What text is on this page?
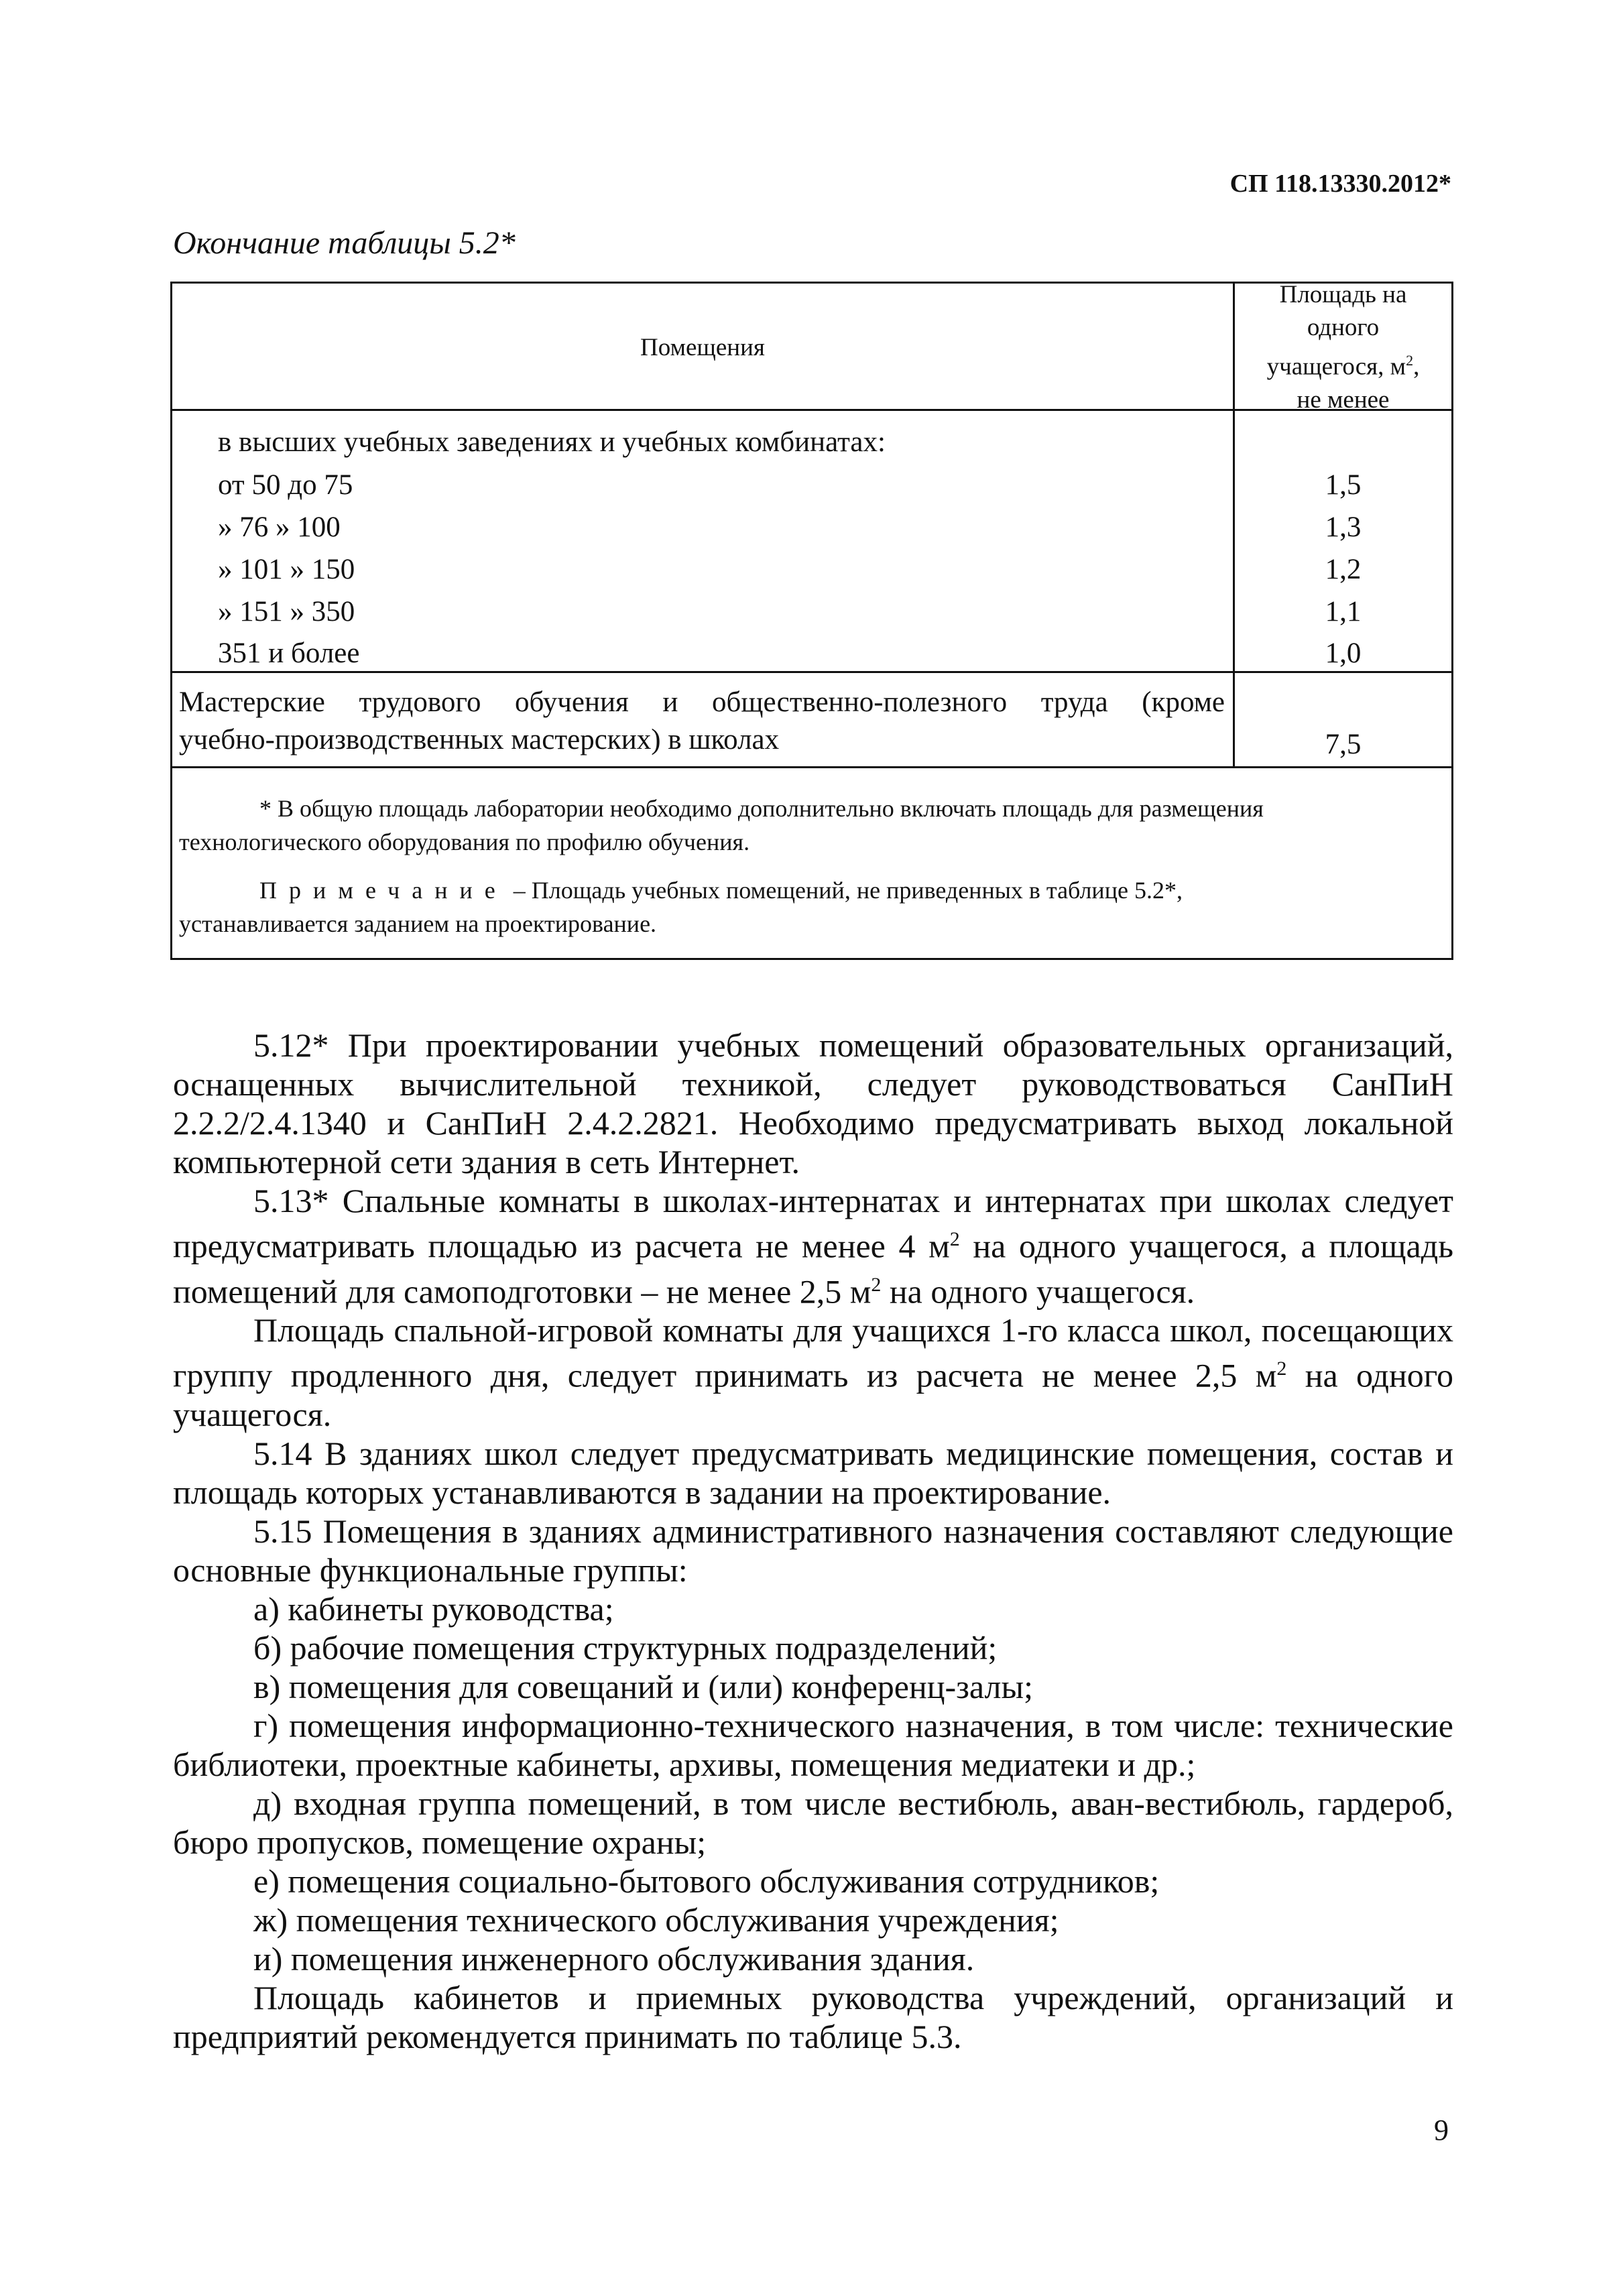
СП 118.13330.2012*
Окончание таблицы 5.2*
Помещения
Площадь на
одного
учащегося, $м^2$,
не менее
в высших учебных заведениях и учебных комбинатах:
от 50 до 75	1,5
» 76 » 100	1,3
» 101 » 150	1,2
» 151 » 350	1,1
351 и более	1,0
Мастерские трудового обучения и общественно-полезного труда (кроме
учебно-производственных мастерских) в школах	7,5
* В общую площадь лаборатории необходимо дополнительно включать площадь для размещения
технологического оборудования по профилю обучения.
Примечание – Площадь учебных помещений, не приведенных в таблице 5.2*,
устанавливается заданием на проектирование.

5.12* При проектировании учебных помещений образовательных организаций, оснащенных вычислительной техникой, следует руководствоваться СанПиН 2.2.2/2.4.1340 и СанПиН 2.4.2.2821. Необходимо предусматривать выход локальной компьютерной сети здания в сеть Интернет.

5.13* Спальные комнаты в школах-интернатах и интернатах при школах следует предусматривать площадью из расчета не менее 4 $м^2$ на одного учащегося, а площадь помещений для самоподготовки – не менее 2,5 $м^2$ на одного учащегося.

Площадь спальной-игровой комнаты для учащихся 1-го класса школ, посещающих группу продленного дня, следует принимать из расчета не менее 2,5 $м^2$ на одного учащегося.

5.14 В зданиях школ следует предусматривать медицинские помещения, состав и площадь которых устанавливаются в задании на проектирование.

5.15 Помещения в зданиях административного назначения составляют следующие основные функциональные группы:

а) кабинеты руководства;

б) рабочие помещения структурных подразделений;

в) помещения для совещаний и (или) конференц-залы;

г) помещения информационно-технического назначения, в том числе: технические библиотеки, проектные кабинеты, архивы, помещения медиатеки и др.;

д) входная группа помещений, в том числе вестибюль, аван-вестибюль, гардероб, бюро пропусков, помещение охраны;

е) помещения социально-бытового обслуживания сотрудников;

ж) помещения технического обслуживания учреждения;

и) помещения инженерного обслуживания здания.

Площадь кабинетов и приемных руководства учреждений, организаций и предприятий рекомендуется принимать по таблице 5.3.

9
